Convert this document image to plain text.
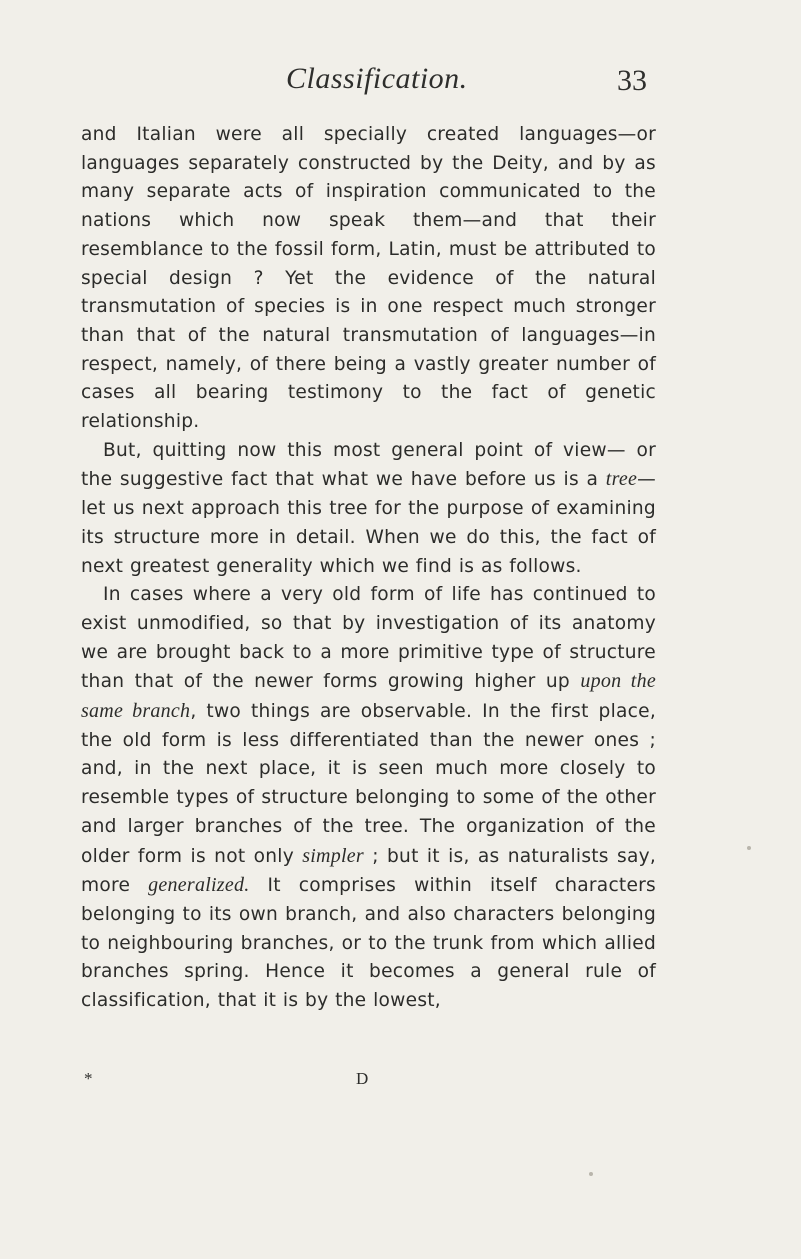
Classification.	33

and Italian were all specially created languages—or languages separately constructed by the Deity, and by as many separate acts of inspiration communicated to the nations which now speak them—and that their resemblance to the fossil form, Latin, must be attributed to special design ? Yet the evidence of the natural transmutation of species is in one respect much stronger than that of the natural transmutation of languages—in respect, namely, of there being a vastly greater number of cases all bearing testimony to the fact of genetic relationship.

But, quitting now this most general point of view— or the suggestive fact that what we have before us is a tree— let us next approach this tree for the purpose of examining its structure more in detail. When we do this, the fact of next greatest generality which we find is as follows.

In cases where a very old form of life has continued to exist unmodified, so that by investigation of its anatomy we are brought back to a more primitive type of structure than that of the newer forms growing higher up upon the same branch, two things are observable. In the first place, the old form is less differentiated than the newer ones ; and, in the next place, it is seen much more closely to resemble types of structure belonging to some of the other and larger branches of the tree. The organization of the older form is not only simpler ; but it is, as naturalists say, more generalized. It comprises within itself characters belonging to its own branch, and also characters belonging to neighbouring branches, or to the trunk from which allied branches spring. Hence it becomes a general rule of classification, that it is by the lowest,

*	D
